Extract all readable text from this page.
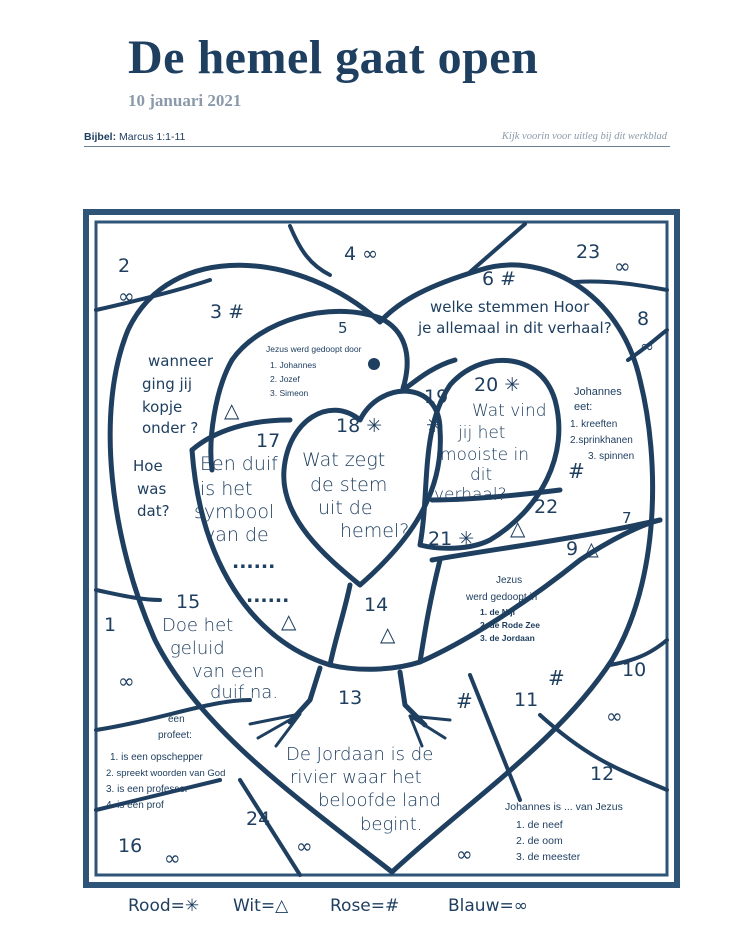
De hemel gaat open
10 januari 2021
Bijbel: Marcus 1:1-11	Kijk voorin voor uitleg bij dit werkblad
1
2
3 #
4 ∞
5
6 #
7
8
9 △
10
11
12
13
14
15
16
17
18 ✳
19
20 ✳
21 ✳
22
23
24
∞
∞
∞
∞
∞
∞	∞	∞
△
△
△
△
#
#
#
✳
welke stemmen Hoor
je allemaal in dit verhaal?
wanneer
ging jij
kopje
onder ?
Hoe
was
dat?
Een duif
is het
symbool
van de
......
......
Wat zegt
de stem
uit de
hemel?
Wat vind
jij het
mooiste in
dit
verhaal?
Doe het
geluid
van een
duif na.
De Jordaan is de
rivier waar het
beloofde land
begint.
Jezus werd gedoopt door
1. Johannes
2. Jozef
3. Simeon	Johannes
eet:
1. kreeften
2.sprinkhanen
3. spinnen
Jezus
werd gedoopt in
1. de Nijl
2. de Rode Zee
3. de Jordaan
een
profeet:
1. is een opschepper
2. spreekt woorden van God
3. is een professor
4. is een prof	Johannes is ... van Jezus
1. de neef
2. de oom
3. de meester
Rood=✳ Wit=△ Rose=#	Blauw=∞
